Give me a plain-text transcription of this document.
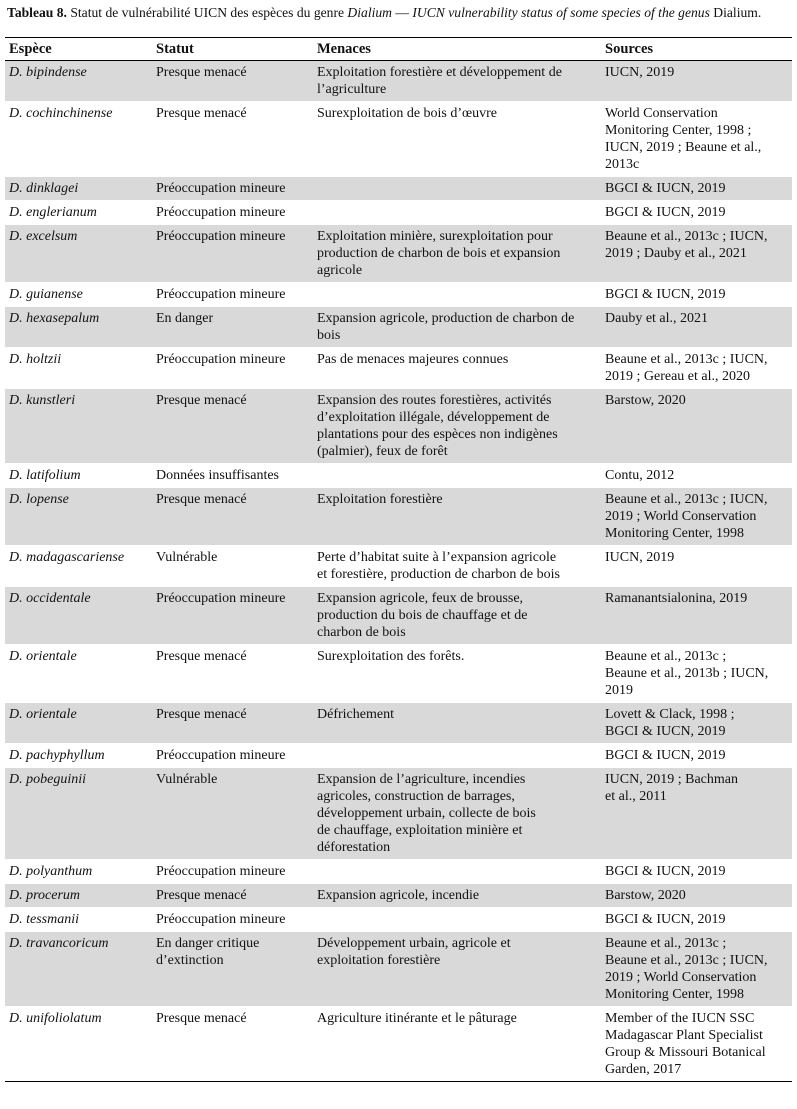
Tableau 8. Statut de vulnérabilité UICN des espèces du genre Dialium — IUCN vulnerability status of some species of the genus Dialium.
Espèce	Statut	Menaces	Sources
D. bipindense	Presque menacé	Exploitation forestière et développement de
l’agriculture	IUCN, 2019
D. cochinchinense	Presque menacé	Surexploitation de bois d’œuvre	World Conservation
Monitoring Center, 1998 ;
IUCN, 2019 ; Beaune et al.,
2013c
D. dinklagei	Préoccupation mineure		BGCI & IUCN, 2019
D. englerianum	Préoccupation mineure		BGCI & IUCN, 2019
D. excelsum	Préoccupation mineure	Exploitation minière, surexploitation pour
production de charbon de bois et expansion
agricole	Beaune et al., 2013c ; IUCN,
2019 ; Dauby et al., 2021
D. guianense	Préoccupation mineure		BGCI & IUCN, 2019
D. hexasepalum	En danger	Expansion agricole, production de charbon de
bois	Dauby et al., 2021
D. holtzii	Préoccupation mineure	Pas de menaces majeures connues	Beaune et al., 2013c ; IUCN,
2019 ; Gereau et al., 2020
D. kunstleri	Presque menacé	Expansion des routes forestières, activités
d’exploitation illégale, développement de
plantations pour des espèces non indigènes
(palmier), feux de forêt	Barstow, 2020
D. latifolium	Données insuffisantes		Contu, 2012
D. lopense	Presque menacé	Exploitation forestière	Beaune et al., 2013c ; IUCN,
2019 ; World Conservation
Monitoring Center, 1998
D. madagascariense	Vulnérable	Perte d’habitat suite à l’expansion agricole
et forestière, production de charbon de bois	IUCN, 2019
D. occidentale	Préoccupation mineure	Expansion agricole, feux de brousse,
production du bois de chauffage et de
charbon de bois	Ramanantsialonina, 2019
D. orientale	Presque menacé	Surexploitation des forêts.	Beaune et al., 2013c ;
Beaune et al., 2013b ; IUCN,
2019
D. orientale	Presque menacé	Défrichement	Lovett & Clack, 1998 ;
BGCI & IUCN, 2019
D. pachyphyllum	Préoccupation mineure		BGCI & IUCN, 2019
D. pobeguinii	Vulnérable	Expansion de l’agriculture, incendies
agricoles, construction de barrages,
développement urbain, collecte de bois
de chauffage, exploitation minière et
déforestation	IUCN, 2019 ; Bachman
et al., 2011
D. polyanthum	Préoccupation mineure		BGCI & IUCN, 2019
D. procerum	Presque menacé	Expansion agricole, incendie	Barstow, 2020
D. tessmanii	Préoccupation mineure		BGCI & IUCN, 2019
D. travancoricum	En danger critique
d’extinction	Développement urbain, agricole et
exploitation forestière	Beaune et al., 2013c ;
Beaune et al., 2013c ; IUCN,
2019 ; World Conservation
Monitoring Center, 1998
D. unifoliolatum	Presque menacé	Agriculture itinérante et le pâturage	Member of the IUCN SSC
Madagascar Plant Specialist
Group & Missouri Botanical
Garden, 2017
